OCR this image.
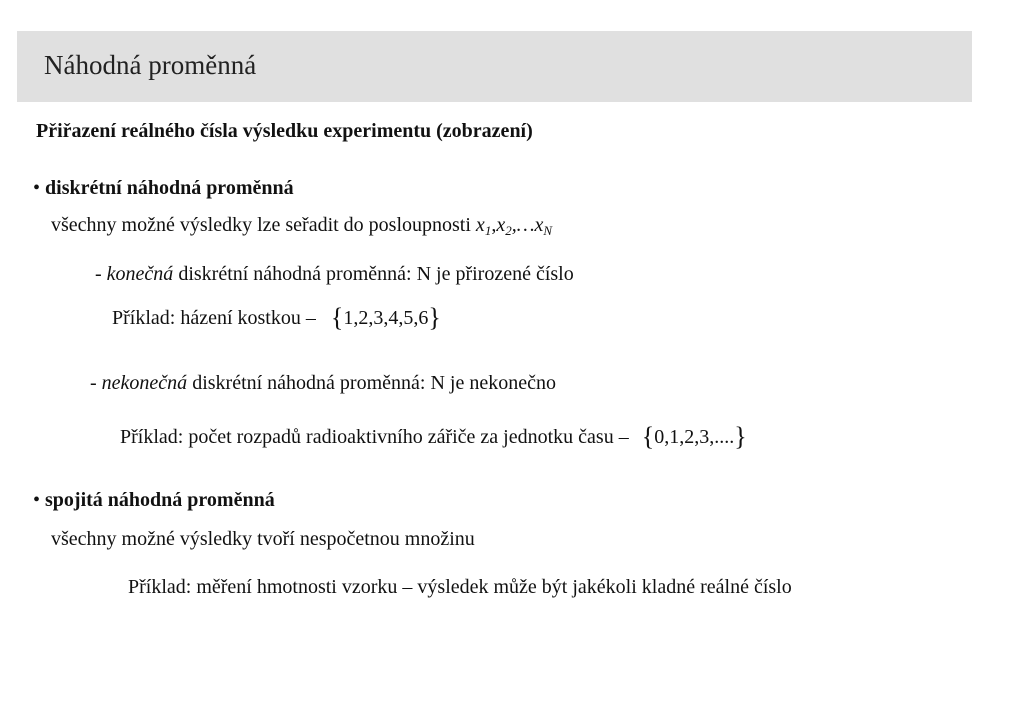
Náhodná proměnná
Přiřazení reálného čísla výsledku experimentu (zobrazení)
• diskrétní náhodná proměnná
všechny možné výsledky lze seřadit do posloupnosti $x_1,x_2,\dots x_N$
- konečná diskrétní náhodná proměnná: N je přirozené číslo
Příklad: házení kostkou – {1,2,3,4,5,6}
- nekonečná diskrétní náhodná proměnná: N je nekonečno
Příklad: počet rozpadů radioaktivního zářiče za jednotku času – {0,1,2,3,....}
• spojitá náhodná proměnná
všechny možné výsledky tvoří nespočetnou množinu
Příklad: měření hmotnosti vzorku – výsledek může být jakékoli kladné reálné číslo
